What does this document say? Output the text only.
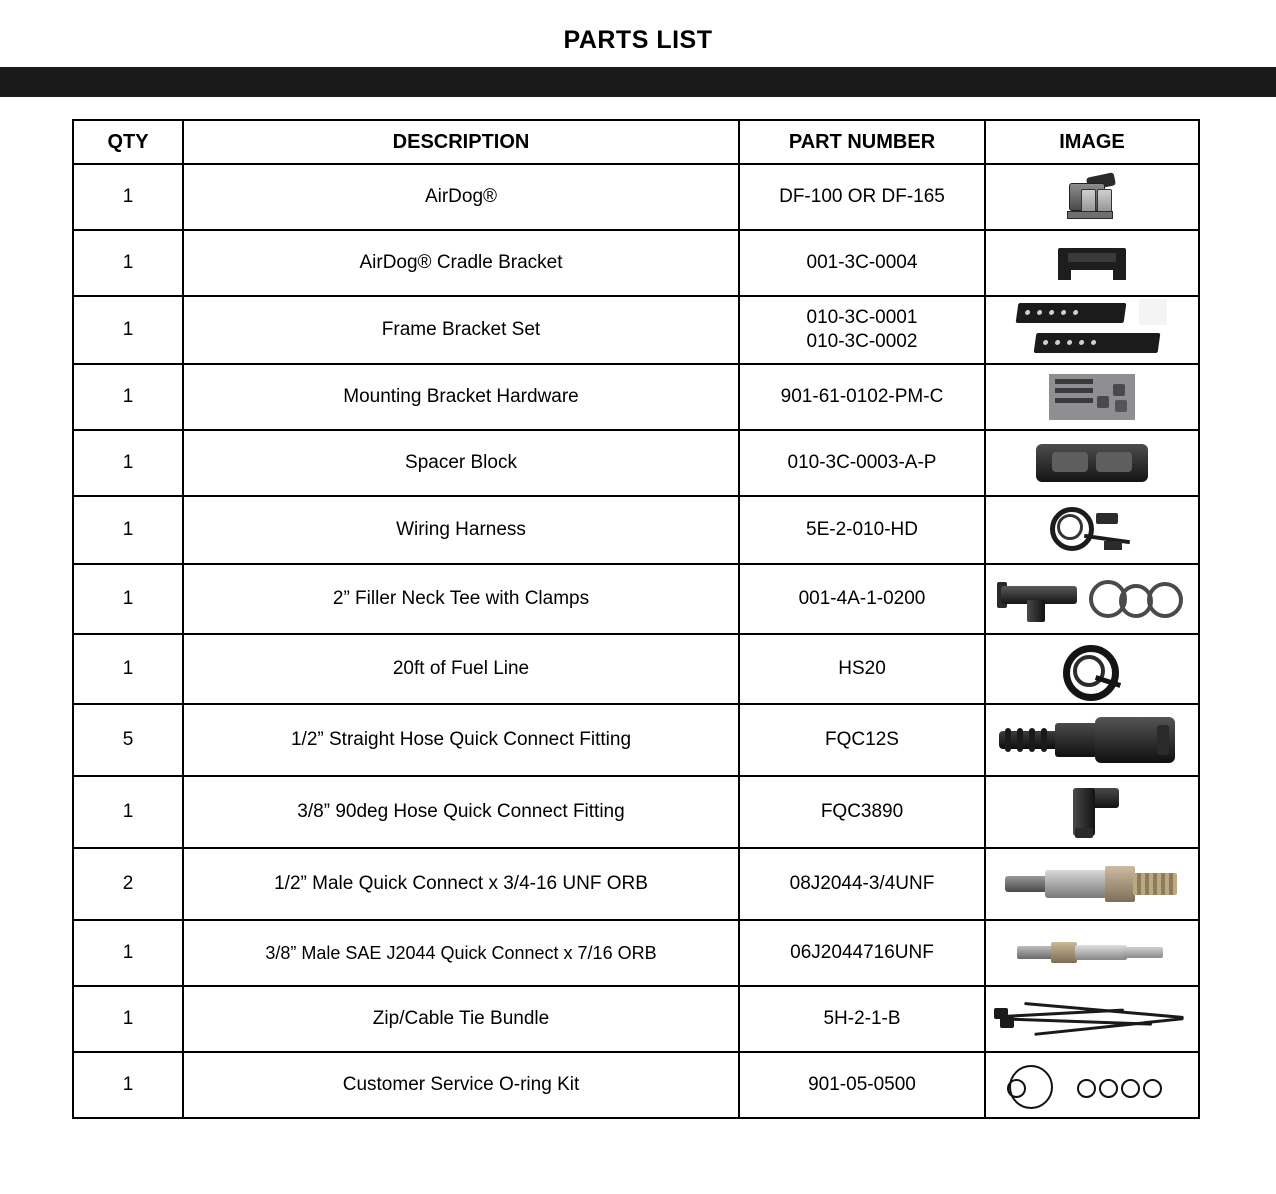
PARTS LIST
QTY	DESCRIPTION	PART NUMBER	IMAGE
1	AirDog®	DF-100 OR DF-165	

1	AirDog® Cradle Bracket	001-3C-0004	

1	Frame Bracket Set	010-3C-0001
010-3C-0002	

1	Mounting Bracket Hardware	901-61-0102-PM-C	

1	Spacer Block	010-3C-0003-A-P	

1	Wiring Harness	5E-2-010-HD	

1	2” Filler Neck Tee with Clamps	001-4A-1-0200	

1	20ft of Fuel Line	HS20	

5	1/2” Straight Hose Quick Connect Fitting	FQC12S	

1	3/8” 90deg Hose Quick Connect Fitting	FQC3890	

2	1/2” Male Quick Connect x 3/4-16 UNF ORB	08J2044-3/4UNF	

1	3/8” Male SAE J2044 Quick Connect x 7/16 ORB	06J2044716UNF	

1	Zip/Cable Tie Bundle	5H-2-1-B	

1	Customer Service O-ring Kit	901-05-0500	
